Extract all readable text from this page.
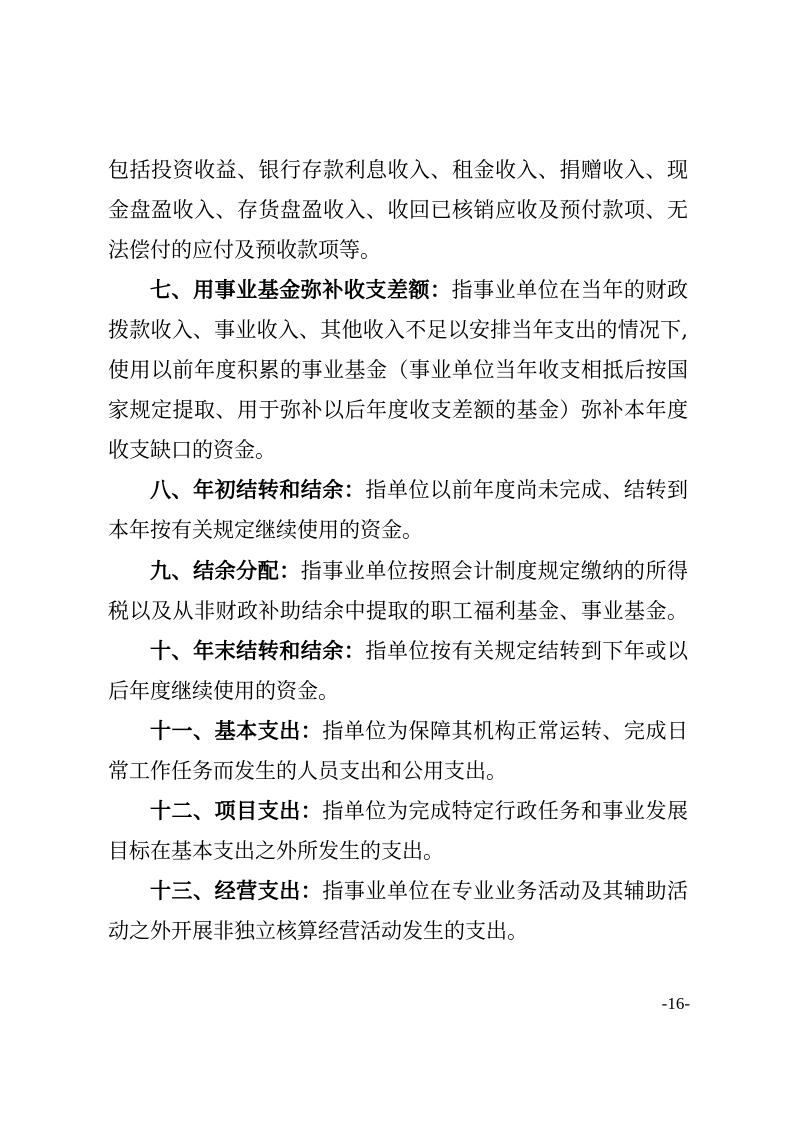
包括投资收益、银行存款利息收入、租金收入、捐赠收入、现
金盘盈收入、存货盘盈收入、收回已核销应收及预付款项、无
法偿付的应付及预收款项等。
七、用事业基金弥补收支差额：指事业单位在当年的财政
拨款收入、事业收入、其他收入不足以安排当年支出的情况下,
使用以前年度积累的事业基金（事业单位当年收支相抵后按国
家规定提取、用于弥补以后年度收支差额的基金）弥补本年度
收支缺口的资金。
八、年初结转和结余：指单位以前年度尚未完成、结转到
本年按有关规定继续使用的资金。
九、结余分配：指事业单位按照会计制度规定缴纳的所得
税以及从非财政补助结余中提取的职工福利基金、事业基金。
十、年末结转和结余：指单位按有关规定结转到下年或以
后年度继续使用的资金。
十一、基本支出：指单位为保障其机构正常运转、完成日
常工作任务而发生的人员支出和公用支出。
十二、项目支出：指单位为完成特定行政任务和事业发展
目标在基本支出之外所发生的支出。
十三、经营支出：指事业单位在专业业务活动及其辅助活
动之外开展非独立核算经营活动发生的支出。
-16-
